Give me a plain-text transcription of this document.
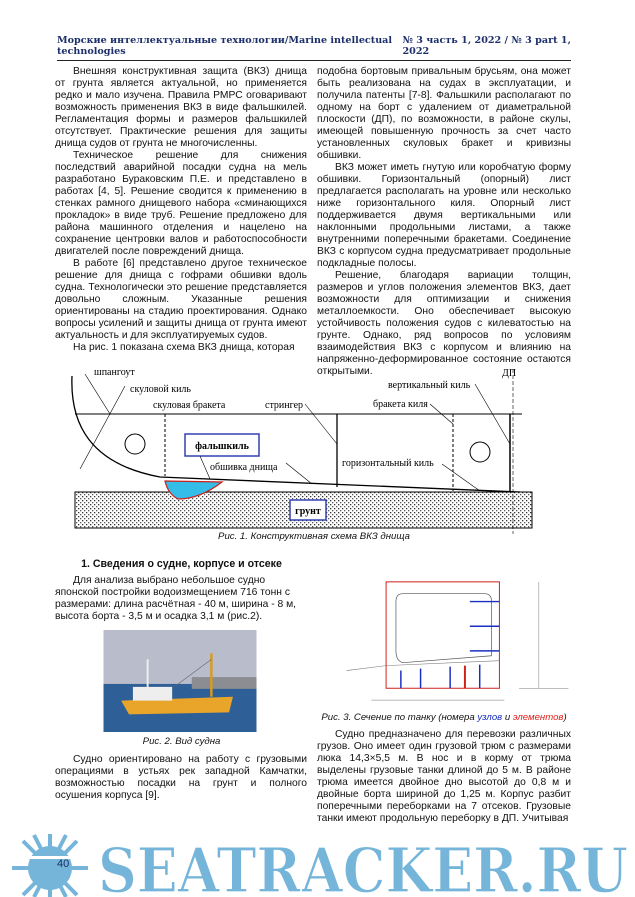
Морские интеллектуальные технологии/Marine intellectual technologies
№ 3 часть 1, 2022 / № 3 part 1, 2022

Внешняя конструктивная защита (ВКЗ) днища от грунта является актуальной, но применяется редко и мало изучена. Правила РМРС оговаривают возможность применения ВКЗ в виде фальшкилей. Регламентация формы и размеров фальшкилей отсутствует. Практические решения для защиты днища судов от грунта не многочисленны.

Техническое решение для снижения последствий аварийной посадки судна на мель разработано Бураковским П.Е. и представлено в работах [4, 5]. Решение сводится к применению в стенках рамного днищевого набора «сминающихся прокладок» в виде труб. Решение предложено для района машинного отделения и нацелено на сохранение центровки валов и работоспособности двигателей после повреждений днища.

В работе [6] представлено другое техническое решение для днища с гофрами обшивки вдоль судна. Технологически это решение представляется довольно сложным. Указанные решения ориентированы на стадию проектирования. Однако вопросы усилений и защиты днища от грунта имеют актуальность и для эксплуатируемых судов.

На рис. 1 показана схема ВКЗ днища, которая

подобна бортовым привальным брусьям, она может быть реализована на судах в эксплуатации, и получила патенты [7-8]. Фальшкили располагают по одному на борт с удалением от диаметральной плоскости (ДП), по возможности, в районе скулы, имеющей повышенную прочность за счет часто установленных скуловых бракет и кривизны обшивки.

ВКЗ может иметь гнутую или коробчатую форму обшивки. Горизонтальный (опорный) лист предлагается располагать на уровне или несколько ниже горизонтального киля. Опорный лист поддерживается двумя вертикальными или наклонными продольными листами, а также внутренними поперечными бракетами. Соединение ВКЗ с корпусом судна предусматривает продольные подкладные полосы.

Решение, благодаря вариации толщин, размеров и углов положения элементов ВКЗ, дает возможности для оптимизации и снижения металлоемкости. Оно обеспечивает высокую устойчивость положения судов с килеватостью на грунте. Однако, ряд вопросов по условиям взаимодействия ВКЗ с корпусом и влиянию на напряженно-деформированное состояние остаются открытыми.

грунт
фальшкиль
шпангоут
скуловой киль
скуловая бракета	стрингер
обшивка днища	горизонтальный киль
вертикальный киль
бракета киля
ДП
Рис. 1. Конструктивная схема ВКЗ днища
1. Сведения о судне, корпусе и отсеке

Для анализа выбрано небольшое судно японской постройки водоизмещением 716 тонн с размерами: длина расчётная - 40 м, ширина - 8 м, высота борта - 3,5 м и осадка 3,1 м (рис.2).

Рис. 2. Вид судна

Судно ориентировано на работу с грузовыми операциями в устьях рек западной Камчатки, возможностью посадки на грунт и полного осушения корпуса [9].

Рис. 3. Сечение по танку (номера узлов и элементов)

Судно предназначено для перевозки различных грузов. Оно имеет один грузовой трюм с размерами люка 14,3×5,5 м. В нос и в корму от трюма выделены грузовые танки длиной до 5 м. В районе трюма имеется двойное дно высотой до 0,8 м и двойные борта шириной до 1,25 м. Корпус разбит поперечными переборками на 7 отсеков. Грузовые танки имеют продольную переборку в ДП. Учитывая

SEATRACKER.RU
40
